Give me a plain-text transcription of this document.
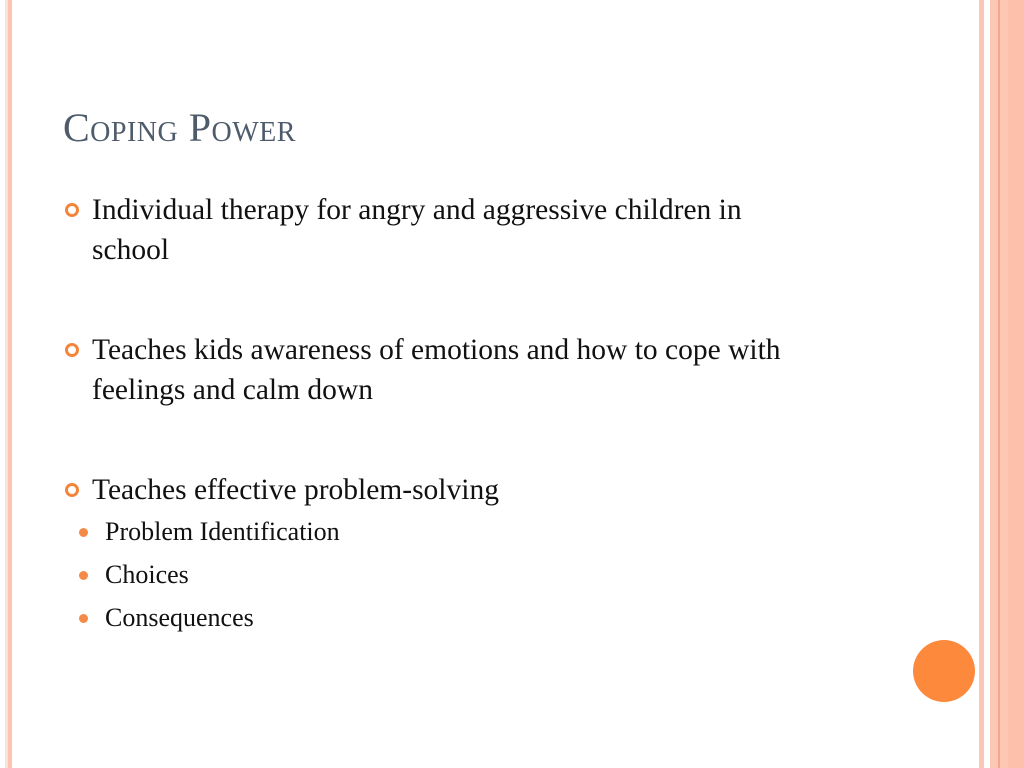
Coping Power
Individual therapy for angry and aggressive children in school
Teaches kids awareness of emotions and how to cope with feelings and calm down
Teaches effective problem-solving
Problem Identification
Choices
Consequences
